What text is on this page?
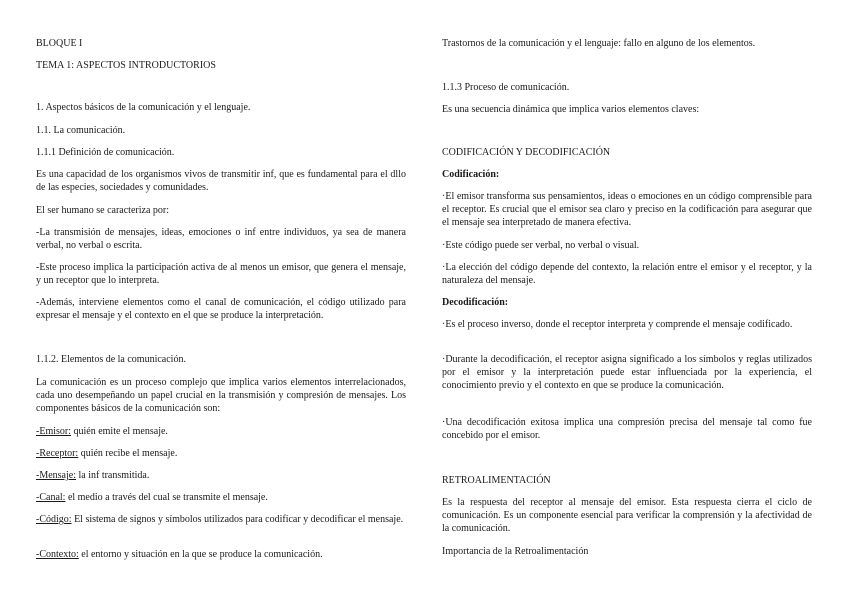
BLOQUE I

TEMA 1: ASPECTOS INTRODUCTORIOS

1. Aspectos básicos de la comunicación y el lenguaje.

1.1. La comunicación.

1.1.1 Definición de comunicación.

Es una capacidad de los organismos vivos de transmitir inf, que es fundamental para el dllo de las especies, sociedades y comunidades.

El ser humano se caracteriza por:

-La transmisión de mensajes, ideas, emociones o inf entre individuos, ya sea de manera verbal, no verbal o escrita.

-Este proceso implica la participación activa de al menos un emisor, que genera el mensaje, y un receptor que lo interpreta.

-Además, interviene elementos como el canal de comunicación, el código utilizado para expresar el mensaje y el contexto en el que se produce la interpretación.

1.1.2. Elementos de la comunicación.

La comunicación es un proceso complejo que implica varios elementos interrelacionados, cada uno desempeñando un papel crucial en la transmisión y compresión de mensajes. Los componentes básicos de la comunicación son:

-Emisor: quién emite el mensaje.

-Receptor: quién recibe el mensaje.

-Mensaje: la inf transmitida.

-Canal: el medio a través del cual se transmite el mensaje.

-Código: El sistema de signos y símbolos utilizados para codificar y decodificar el mensaje.

-Contexto: el entorno y situación en la que se produce la comunicación.

Trastornos de la comunicación y el lenguaje: fallo en alguno de los elementos.

1.1.3 Proceso de comunicación.

Es una secuencia dinámica que implica varios elementos claves:

CODIFICACIÓN Y DECODIFICACIÓN

Codificación:

·El emisor transforma sus pensamientos, ideas o emociones en un código comprensible para el receptor. Es crucial que el emisor sea claro y preciso en la codificación para asegurar que el mensaje sea interpretado de manera efectiva.

·Este código puede ser verbal, no verbal o visual.

·La elección del código depende del contexto, la relación entre el emisor y el receptor, y la naturaleza del mensaje.

Decodificación:

·Es el proceso inverso, donde el receptor interpreta y comprende el mensaje codificado.

·Durante la decodificación, el receptor asigna significado a los símbolos y reglas utilizados por el emisor y la interpretación puede estar influenciada por la experiencia, el conocimiento previo y el contexto en que se produce la comunicación.

·Una decodificación exitosa implica una compresión precisa del mensaje tal como fue concebido por el emisor.

RETROALIMENTACIÓN

Es la respuesta del receptor al mensaje del emisor. Esta respuesta cierra el ciclo de comunicación. Es un componente esencial para verificar la comprensión y la afectividad de la comunicación.

Importancia de la Retroalimentación
